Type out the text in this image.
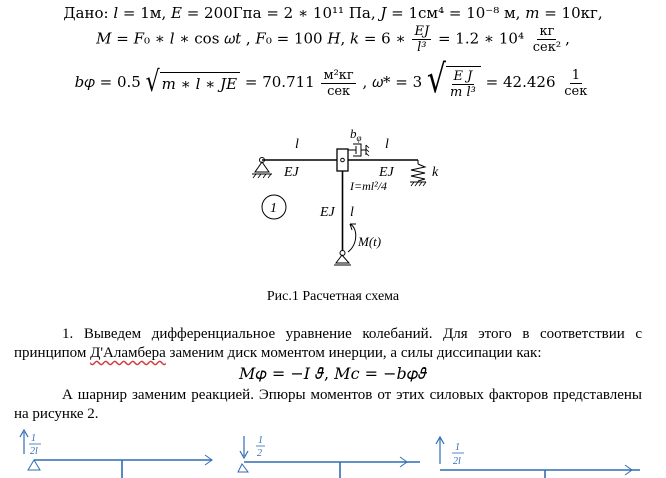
Дано: 𝑙 = 1м, 𝐸 = 200Гпа = 2 ∗ 10¹¹ Па, 𝐽 = 1см⁴ = 10⁻⁸ м, 𝑚 = 10кг,
𝑀 = 𝐹₀ ∗ 𝑙 ∗ cos 𝜔𝑡 , 𝐹₀ = 100 𝐻, 𝑘 = 6 ∗ $\frac{EJ}{\text{l³}} = 1.2$ ∗ $10^4 \frac{кг}{\text{сек²}}$ ,
𝑏𝜑 = 0.5 √ 𝑚 ∗ 𝑙 ∗ 𝐽𝐸 = $70.711 \frac{\text{м²кг}}{\text{сек}}$ , 𝜔* = 3 √ $\frac{\text{E J}}{\text{m l³}} = 42.426 \frac{1}{\text{сек}}$
l
EJ
$b_\varphi$ l
EJ	k
I=ml²/4
1	EJ l
M(t)
Рис.1 Расчетная схема
1. Выведем дифференциальное уравнение колебаний. Для этого в соответствии с принципом Д'Аламбера заменим диск моментом инерции, а силы диссипации как:
𝑀𝜑 = −𝐼 𝜗̈, 𝑀𝑐 = −𝑏𝜑𝜗̇
А шарнир заменим реакцией. Эпюры моментов от этих силовых факторов представлены на рисунке 2.
1
2l
1
2
1
2l
